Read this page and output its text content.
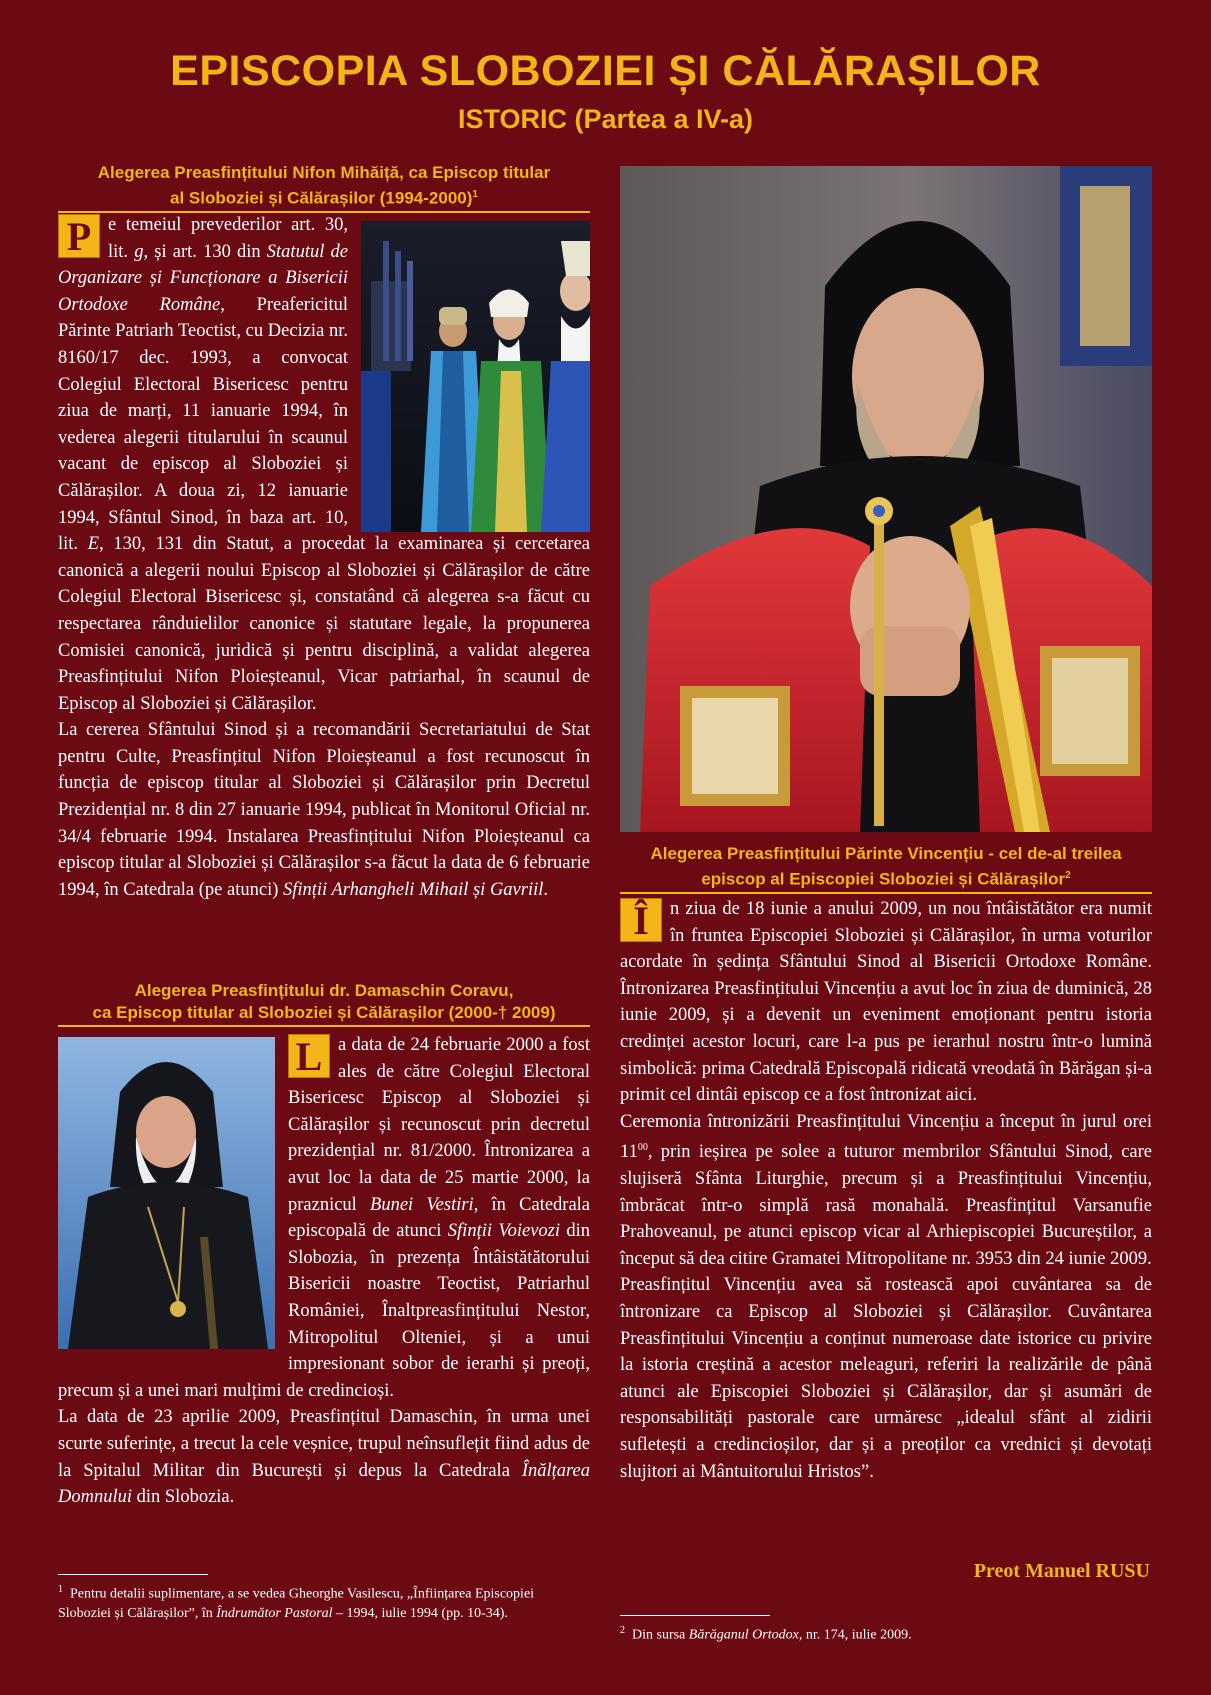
EPISCOPIA SLOBOZIEI ȘI CĂLĂRAȘILOR
ISTORIC (Partea a IV-a)
Alegerea Preasfințitului Nifon Mihăiță, ca Episcop titular
al Sloboziei și Călărașilor (1994-2000)$^1$

P e temeiul prevederilor art. 30, lit. g, și art. 130 din Statutul de Organizare și Funcționare a Bisericii Ortodoxe Române, Preafericitul Părinte Patriarh Teoctist, cu Decizia nr. 8160/17 dec. 1993, a convocat Colegiul Electoral Bisericesc pentru ziua de marți, 11 ianuarie 1994, în vederea alegerii titularului în scaunul vacant de episcop al Sloboziei și Călărașilor. A doua zi, 12 ianuarie 1994, Sfântul Sinod, în baza art. 10, lit. E, 130, 131 din Statut, a procedat la examinarea și cercetarea canonică a alegerii noului Episcop al Sloboziei și Călărașilor de către Colegiul Electoral Bisericesc și, constatând că alegerea s-a făcut cu respectarea rânduielilor canonice și statutare legale, la propunerea Comisiei canonică, juridică și pentru disciplină, a validat alegerea Preasfințitului Nifon Ploieșteanul, Vicar patriarhal, în scaunul de Episcop al Sloboziei și Călărașilor.

La cererea Sfântului Sinod și a recomandării Secretariatului de Stat pentru Culte, Preasfințitul Nifon Ploieșteanul a fost recunoscut în funcția de episcop titular al Sloboziei și Călărașilor prin Decretul Prezidențial nr. 8 din 27 ianuarie 1994, publicat în Monitorul Oficial nr. 34/4 februarie 1994. Instalarea Preasfințitului Nifon Ploieșteanul ca episcop titular al Sloboziei și Călărașilor s-a făcut la data de 6 februarie 1994, în Catedrala (pe atunci) Sfinții Arhangheli Mihail și Gavriil.

Alegerea Preasfințitului dr. Damaschin Coravu,
ca Episcop titular al Sloboziei și Călărașilor (2000-† 2009)

L a data de 24 februarie 2000 a fost ales de către Colegiul Electoral Bisericesc Episcop al Sloboziei și Călărașilor și recunoscut prin decretul prezidențial nr. 81/2000. Întronizarea a avut loc la data de 25 martie 2000, la praznicul Bunei Vestiri, în Catedrala episcopală de atunci Sfinții Voievozi din Slobozia, în prezența Întâistătătorului Bisericii noastre Teoctist, Patriarhul României, Înaltpreasfințitului Nestor, Mitropolitul Olteniei, și a unui impresionant sobor de ierarhi și preoți, precum și a unei mari mulțimi de credincioși.

La data de 23 aprilie 2009, Preasfințitul Damaschin, în urma unei scurte suferințe, a trecut la cele veșnice, trupul neînsuflețit fiind adus de la Spitalul Militar din București și depus la Catedrala Înălțarea Domnului din Slobozia.

$^1$ Pentru detalii suplimentare, a se vedea Gheorghe Vasilescu, „Înființarea Episcopiei Sloboziei și Călărașilor”, în Îndrumător Pastoral – 1994, iulie 1994 (pp. 10-34).
Alegerea Preasfințitului Părinte Vincențiu - cel de-al treilea
episcop al Episcopiei Sloboziei și Călărașilor$^2$

Î	n ziua de 18 iunie a anului 2009, un nou întâistătător era numit în fruntea Episcopiei Sloboziei și Călărașilor, în urma voturilor acordate în ședința Sfântului Sinod al Bisericii Ortodoxe Române. Întronizarea Preasfințitului Vincențiu a avut loc în ziua de duminică, 28 iunie 2009, și a devenit un eveniment emoționant pentru istoria credinței acestor locuri, care l-a pus pe ierarhul nostru într-o lumină simbolică: prima Catedrală Episcopală ridicată vreodată în Bărăgan și-a primit cel dintâi episcop ce a fost întronizat aici.

Ceremonia întronizării Preasfințitului Vincențiu a început în jurul orei $11^{00}$, prin ieșirea pe solee a tuturor membrilor Sfântului Sinod, care slujiseră Sfânta Liturghie, precum și a Preasfințitului Vincențiu, îmbrăcat într-o simplă rasă monahală. Preasfințitul Varsanufie Prahoveanul, pe atunci episcop vicar al Arhiepiscopiei Bucureștilor, a început să dea citire Gramatei Mitropolitane nr. 3953 din 24 iunie 2009.

Preasfințitul Vincențiu avea să rostească apoi cuvântarea sa de întronizare ca Episcop al Sloboziei și Călărașilor. Cuvântarea Preasfințitului Vincențiu a conținut numeroase date istorice cu privire la istoria creștină a acestor meleaguri, referiri la realizările de până atunci ale Episcopiei Sloboziei și Călărașilor, dar și asumări de responsabilități pastorale care urmăresc „idealul sfânt al zidirii sufletești a credincioșilor, dar și a preoților ca vrednici și devotați slujitori ai Mântuitorului Hristos”.

Preot Manuel RUSU
$^2$ Din sursa Bărăganul Ortodox, nr. 174, iulie 2009.
